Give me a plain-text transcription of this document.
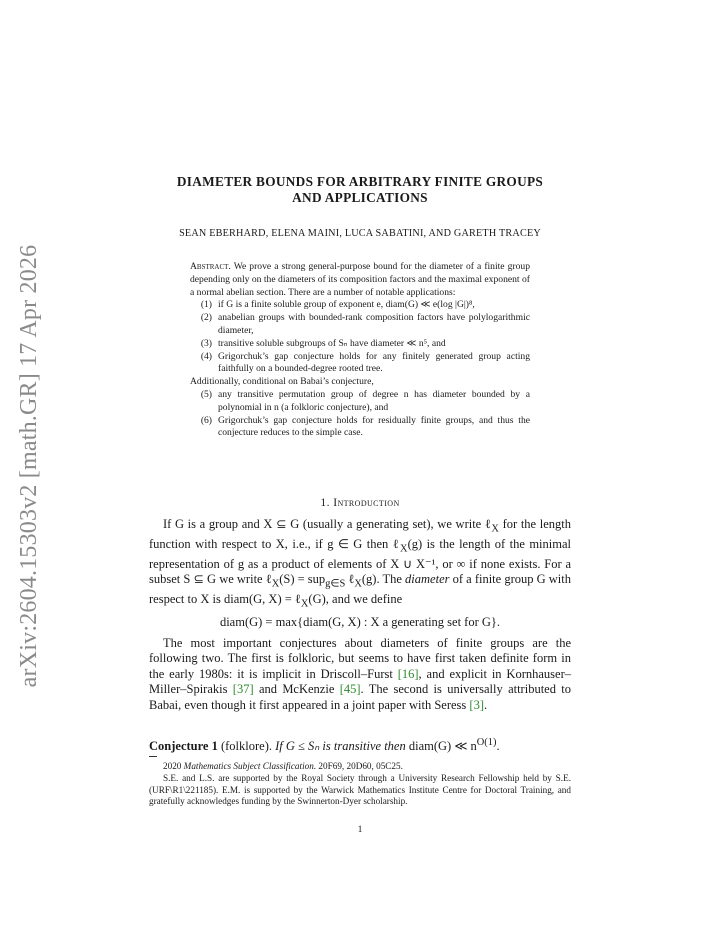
arXiv:2604.15303v2 [math.GR] 17 Apr 2026
DIAMETER BOUNDS FOR ARBITRARY FINITE GROUPS
AND APPLICATIONS
SEAN EBERHARD, ELENA MAINI, LUCA SABATINI, AND GARETH TRACEY
Abstract. We prove a strong general-purpose bound for the diameter of a finite group depending only on the diameters of its composition factors and the maximal exponent of a normal abelian section. There are a number of notable applications:
(1) if G is a finite soluble group of exponent e, diam(G) ≪ e(log |G|)⁸,
(2) anabelian groups with bounded-rank composition factors have polylogarithmic diameter,
(3) transitive soluble subgroups of Sₙ have diameter ≪ n⁵, and
(4) Grigorchuk’s gap conjecture holds for any finitely generated group acting faithfully on a bounded-degree rooted tree.
Additionally, conditional on Babai’s conjecture,
(5) any transitive permutation group of degree n has diameter bounded by a polynomial in n (a folkloric conjecture), and
(6) Grigorchuk’s gap conjecture holds for residually finite groups, and thus the conjecture reduces to the simple case.
1. Introduction
If G is a group and X ⊆ G (usually a generating set), we write ℓ$_X$ for the length function with respect to X, i.e., if g ∈ G then ℓ$_X$(g) is the length of the minimal representation of g as a product of elements of X ∪ X⁻¹, or ∞ if none exists. For a subset S ⊆ G we write ℓ$_X$(S) = sup$_{g\in S}$ ℓ$_X$(g). The diameter of a finite group G with respect to X is diam(G, X) = ℓ$_X$(G), and we define
diam(G) = max{diam(G, X) : X a generating set for G}.
The most important conjectures about diameters of finite groups are the following two. The first is folkloric, but seems to have first taken definite form in the early 1980s: it is implicit in Driscoll–Furst [16], and explicit in Kornhauser–Miller–Spirakis [37] and McKenzie [45]. The second is universally attributed to Babai, even though it first appeared in a joint paper with Seress [3].
Conjecture 1 (folklore). If G ≤ Sₙ is transitive then diam(G) ≪ $n^{O(1)}$.
2020 Mathematics Subject Classification. 20F69, 20D60, 05C25.
S.E. and L.S. are supported by the Royal Society through a University Research Fellowship held by S.E. (URF\R1\221185). E.M. is supported by the Warwick Mathematics Institute Centre for Doctoral Training, and gratefully acknowledges funding by the Swinnerton-Dyer scholarship.
1
